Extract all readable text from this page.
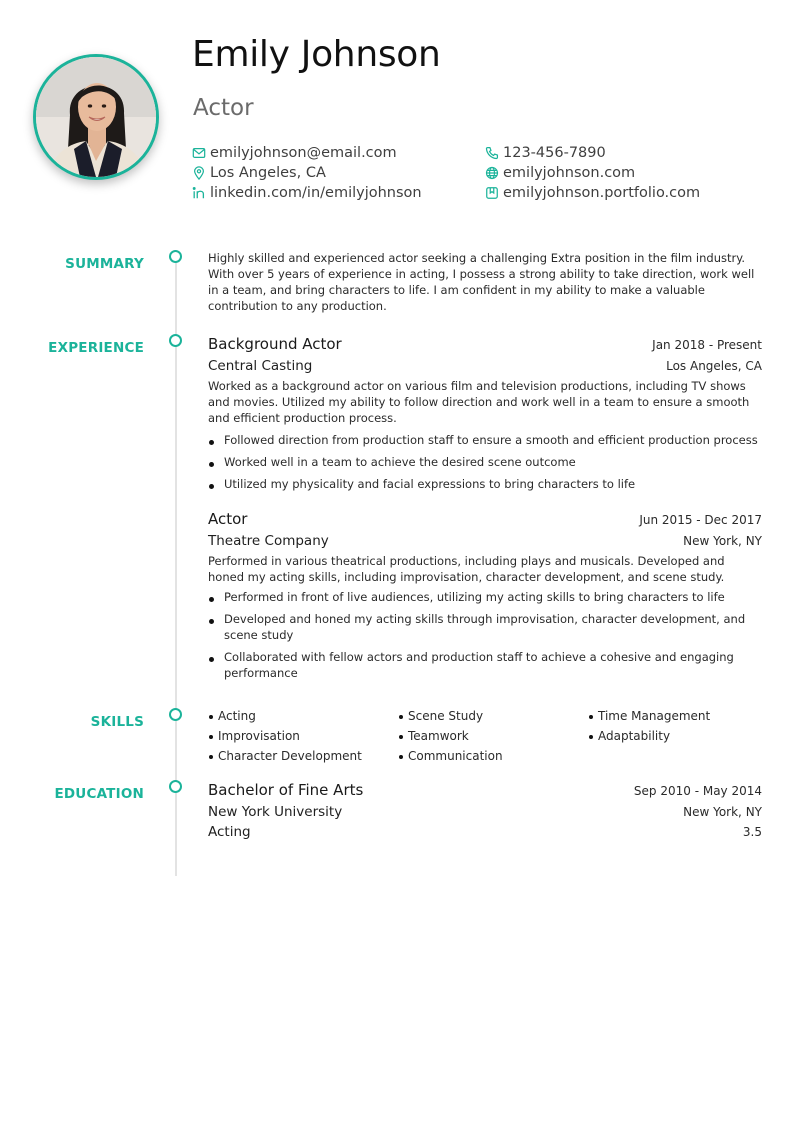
Emily Johnson
Actor
emilyjohnson@email.com
Los Angeles, CA
linkedin.com/in/emilyjohnson
123-456-7890
emilyjohnson.com
emilyjohnson.portfolio.com
SUMMARY	Highly skilled and experienced actor seeking a challenging Extra position in the film industry. With over 5 years of experience in acting, I possess a strong ability to take direction, work well in a team, and bring characters to life. I am confident in my ability to make a valuable contribution to any production.

EXPERIENCE	Background Actor	Jan 2018 - Present
Central Casting	Los Angeles, CA

Worked as a background actor on various film and television productions, including TV shows and movies. Utilized my ability to follow direction and work well in a team to ensure a smooth and efficient production process.

Followed direction from production staff to ensure a smooth and efficient production process
Worked well in a team to achieve the desired scene outcome
Utilized my physicality and facial expressions to bring characters to life
Actor	Jun 2015 - Dec 2017
Theatre Company	New York, NY

Performed in various theatrical productions, including plays and musicals. Developed and honed my acting skills, including improvisation, character development, and scene study.

Performed in front of live audiences, utilizing my acting skills to bring characters to life
Developed and honed my acting skills through improvisation, character development, and scene study
Collaborated with fellow actors and production staff to achieve a cohesive and engaging performance
SKILLS	Acting	Scene Study	Time Management
Improvisation	Teamwork	Adaptability
Character Development	Communication
EDUCATION	Bachelor of Fine Arts	Sep 2010 - May 2014
New York University	New York, NY
Acting	3.5
